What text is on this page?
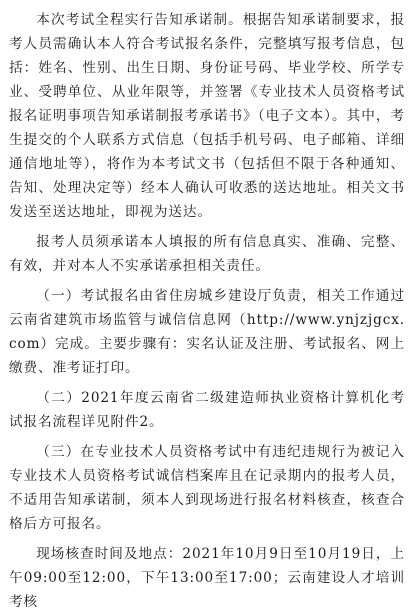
本次考试全程实行告知承诺制。根据告知承诺制要求，报考人员需确认本人符合考试报名条件，完整填写报考信息，包括：姓名、性别、出生日期、身份证号码、毕业学校、所学专业、受聘单位、从业年限等，并签署《专业技术人员资格考试报名证明事项告知承诺制报考承诺书》（电子文本）。其中，考生提交的个人联系方式信息（包括手机号码、电子邮箱、详细通信地址等），将作为本考试文书（包括但不限于各种通知、告知、处理决定等）经本人确认可收悉的送达地址。相关文书发送至送达地址，即视为送达。

报考人员须承诺本人填报的所有信息真实、准确、完整、有效，并对本人不实承诺承担相关责任。

（一）考试报名由省住房城乡建设厅负责，相关工作通过云南省建筑市场监管与诚信信息网（http://www.ynjzjgcx.com）完成。主要步骤有：实名认证及注册、考试报名、网上缴费、准考证打印。

（二）2021年度云南省二级建造师执业资格计算机化考试报名流程详见附件2。

（三）在专业技术人员资格考试中有违纪违规行为被记入专业技术人员资格考试诚信档案库且在记录期内的报考人员，不适用告知承诺制，须本人到现场进行报名材料核查，核查合格后方可报名。

现场核查时间及地点：2021年10月9日至10月19日，上午09:00至12:00，下午13:00至17:00；云南建设人才培训考核
